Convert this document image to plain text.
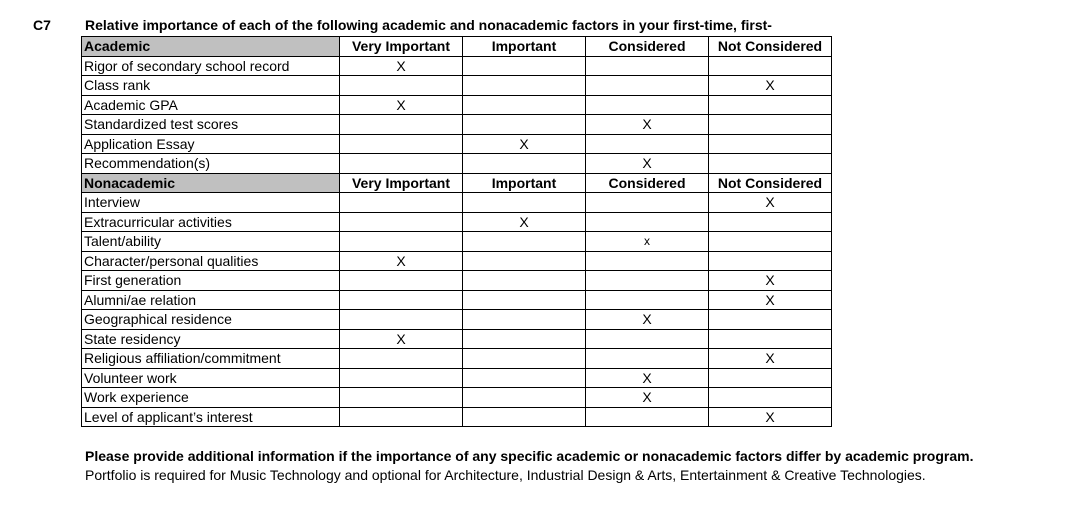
C7 Relative importance of each of the following academic and nonacademic factors in your first-time, first-
Academic	Very Important	Important	Considered	Not Considered
Rigor of secondary school record	X			
Class rank				X
Academic GPA	X			
Standardized test scores			X	
Application Essay		X		
Recommendation(s)			X	
Nonacademic	Very Important	Important	Considered	Not Considered
Interview				X
Extracurricular activities		X		
Talent/ability			x	
Character/personal qualities	X			
First generation				X
Alumni/ae relation				X
Geographical residence			X	
State residency	X			
Religious affiliation/commitment				X
Volunteer work			X	
Work experience			X	
Level of applicant’s interest				X
Please provide additional information if the importance of any specific academic or nonacademic factors differ by academic program.
Portfolio is required for Music Technology and optional for Architecture, Industrial Design & Arts, Entertainment & Creative Technologies.
